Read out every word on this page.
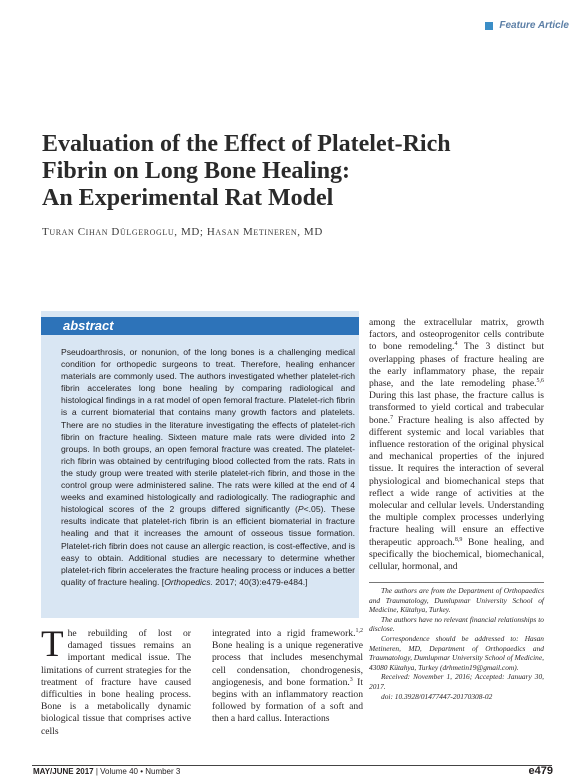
Feature Article
Evaluation of the Effect of Platelet-Rich
Fibrin on Long Bone Healing:
An Experimental Rat Model
Turan Cihan Dülgeroglu, MD; Hasan Metineren, MD
abstract

Pseudoarthrosis, or nonunion, of the long bones is a challenging medical condition for orthopedic surgeons to treat. Therefore, healing enhancer materials are commonly used. The authors investigated whether platelet-rich fibrin accelerates long bone healing by comparing radiological and histological findings in a rat model of open femoral fracture. Platelet-rich fibrin is a current biomaterial that contains many growth factors and platelets. There are no studies in the literature investigating the effects of platelet-rich fibrin on fracture healing. Sixteen mature male rats were divided into 2 groups. In both groups, an open femoral fracture was created. The platelet-rich fibrin was obtained by centrifuging blood collected from the rats. Rats in the study group were treated with sterile platelet-rich fibrin, and those in the control group were administered saline. The rats were killed at the end of 4 weeks and examined histologically and radiologically. The radiographic and histological scores of the 2 groups differed significantly (P<.05). These results indicate that platelet-rich fibrin is an efficient biomaterial in fracture healing and that it increases the amount of osseous tissue formation. Platelet-rich fibrin does not cause an allergic reaction, is cost-effective, and is easy to obtain. Additional studies are necessary to determine whether platelet-rich fibrin accelerates the fracture healing process or induces a better quality of fracture healing. [Orthopedics. 2017; 40(3):e479-e484.]

The rebuilding of lost or damaged tissues remains an important medical issue. The limitations of current strategies for the treatment of fracture have caused difficulties in bone healing process. Bone is a metabolically dynamic biological tissue that comprises active cells

integrated into a rigid framework.$^{1,2}$ Bone healing is a unique regenerative process that includes mesenchymal cell condensation, chondrogenesis, angiogenesis, and bone formation.$^3$ It begins with an inflammatory reaction followed by formation of a soft and then a hard callus. Interactions

among the extracellular matrix, growth factors, and osteoprogenitor cells contribute to bone remodeling.$^4$ The 3 distinct but overlapping phases of fracture healing are the early inflammatory phase, the repair phase, and the late remodeling phase.$^{5,6}$ During this last phase, the fracture callus is transformed to yield cortical and trabecular bone.$^7$ Fracture healing is also affected by different systemic and local variables that influence restoration of the original physical and mechanical properties of the injured tissue. It requires the interaction of several physiological and biomechanical steps that reflect a wide range of activities at the molecular and cellular levels. Understanding the multiple complex processes underlying fracture healing will ensure an effective therapeutic approach.$^{8,9}$ Bone healing, and specifically the biochemical, biomechanical, cellular, hormonal, and

The authors are from the Department of Orthopaedics and Traumatology, Dumlupınar University School of Medicine, Kütahya, Turkey.
The authors have no relevant financial relationships to disclose.
Correspondence should be addressed to: Hasan Metineren, MD, Department of Orthopaedics and Traumatology, Dumlupınar University School of Medicine, 43080 Kütahya, Turkey (drhmetin19@gmail.com).
Received: November 1, 2016; Accepted: January 30, 2017.
doi: 10.3928/01477447-20170308-02
MAY/JUNE 2017 | Volume 40 • Number 3	e479
